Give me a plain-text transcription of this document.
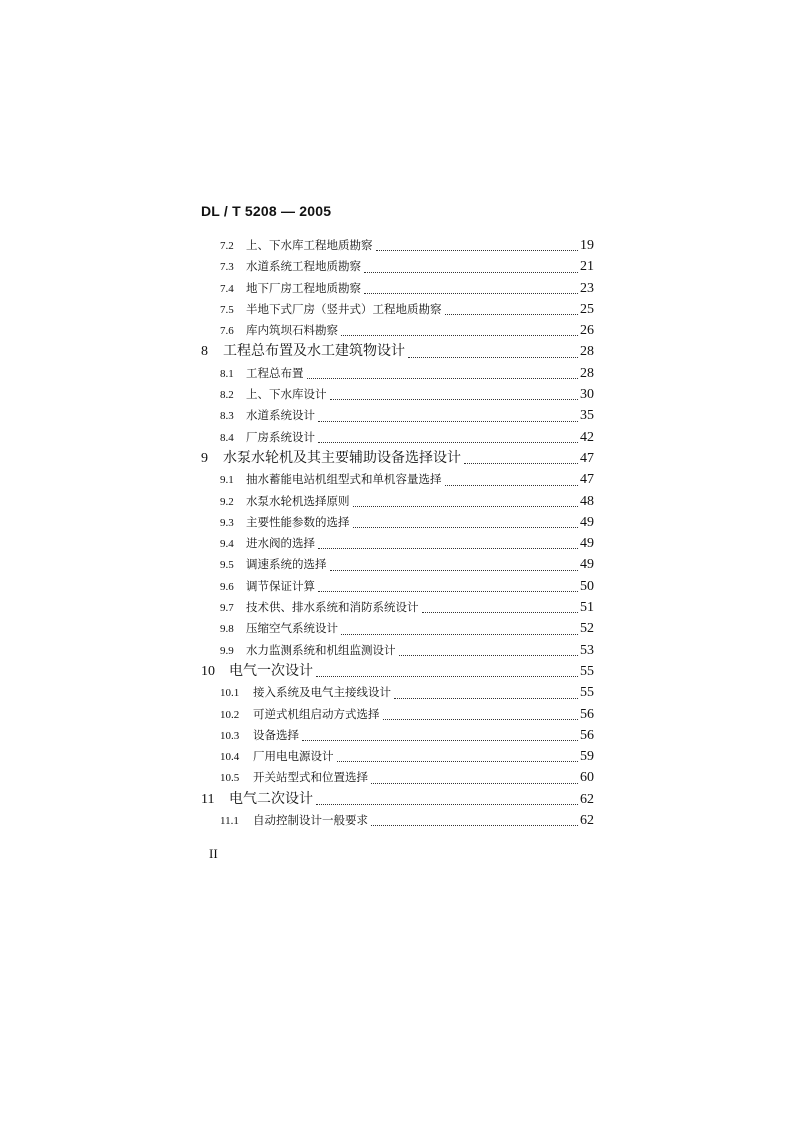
DL / T 5208 — 2005
7.2	上、下水库工程地质勘察	19
7.3	水道系统工程地质勘察	21
7.4	地下厂房工程地质勘察	23
7.5	半地下式厂房（竖井式）工程地质勘察	25
7.6	库内筑坝石料勘察	26
8	工程总布置及水工建筑物设计	28
8.1	工程总布置	28
8.2	上、下水库设计	30
8.3	水道系统设计	35
8.4	厂房系统设计	42
9	水泵水轮机及其主要辅助设备选择设计	47
9.1	抽水蓄能电站机组型式和单机容量选择	47
9.2	水泵水轮机选择原则	48
9.3	主要性能参数的选择	49
9.4	进水阀的选择	49
9.5	调速系统的选择	49
9.6	调节保证计算	50
9.7	技术供、排水系统和消防系统设计	51
9.8	压缩空气系统设计	52
9.9	水力监测系统和机组监测设计	53
10	电气一次设计	55
10.1	接入系统及电气主接线设计	55
10.2	可逆式机组启动方式选择	56
10.3	设备选择	56
10.4	厂用电电源设计	59
10.5	开关站型式和位置选择	60
11	电气二次设计	62
11.1	自动控制设计一般要求	62
II
